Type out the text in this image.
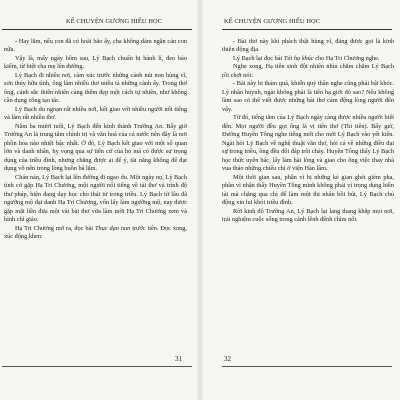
KỂ CHUYỆN GƯƠNG HIẾU HỌC

- Hay lắm, nếu con đã có hoài bão ấy, cha không dám ngăn cản con nữa.

Vậy là, mấy ngày hôm sau, Lý Bạch chuẩn bị hành lí, đeo bảo kiếm, từ biệt cha mẹ lên đường.

Lý Bạch đi nhiều nơi, cảm xúc trước những cảnh núi non hùng vĩ, sơn thủy hữu tình, ông làm nhiều thơ miêu tả những cảnh ấy. Trong thơ ông, cảnh sắc thiên nhiên càng thêm đẹp một cách tự nhiên, như không cần dụng công tạo tác.

Lý Bạch du ngoạn rất nhiều nơi, kết giao với nhiều người nổi tiếng và làm rất nhiều thơ.

Năm ba mươi tuổi, Lý Bạch đến kinh thành Trường An. Bấy giờ Trường An là trung tâm chính trị và văn hoá của cả nước nên đây là nơi phồn hoa náo nhiệt bậc nhất. Ở đó, Lý Bạch kết giao với một số quan lớn và danh nhân, hy vọng qua sự tiến cử của họ mà có được sự trọng dụng của triều đình, nhưng chẳng được ai để ý, tài năng không để đạt dụng vô nên trong lòng buồn bã lắm.

Chán nản, Lý Bạch lại lên đường đi ngao du. Một ngày nọ, Lý Bạch tình cờ gặp Hạ Tri Chương, một người nổi tiếng về tài thơ và trình độ thư pháp, hiện đang dạy học cho thái tử trong triều. Lý Bạch từ lâu đã ngưỡng mộ đại danh Hạ Tri Chương, vốn lấy làm ngưỡng mộ, nay được gặp mặt liền đưa một vài bài thơ vừa làm mời Hạ Tri Chương xem và bình chỉ giáo.

Hạ Tri Chương mở ra, đọc bài Thục đạo nan trước tiên. Đọc xong, xúc động khen:

31
KỂ CHUYỆN GƯƠNG HIẾU HỌC

- Bài thơ này khí phách thật hùng vĩ, đáng được gọi là kinh thiên động địa.

Lý Bạch lại đọc bài Tái hạ khúc cho Hạ Tri Chương nghe.

Nghe xong, Hạ tiên sinh đột nhiên nhìn chằm chằm Lý Bạch rồi chợt nói:

- Bài này bi thảm quá, khiến quỷ thần nghe cũng phải bật khóc. Lý nhân huynh, ngài không phải là tiên hạ giới đó sao? Nếu không làm sao có thể viết được những bài thơ cảm động lòng người đến vậy.

Từ đó, tiếng tăm của Lý Bạch ngày càng được nhiều người biết đến. Mọi người đều gọi ông là vị tiên thơ (Thi tiên). Bấy giờ, Đường Huyền Tông nghe tiếng mới cho mời Lý Bạch vào yết kiến. Ngài hỏi Lý Bạch về nghệ thuật văn thơ, hỏi cả về những điều đại sự trong triều, ông đều đối đáp trôi chảy. Huyền Tông thấy Lý Bạch học thức uyên bác, lấy làm hài lòng và giao cho ông việc thay nhà vua thảo những chiếu chỉ ở viện Hàn lâm.

Một thời gian sau, phần vì bị những kẻ gian ghét gièm pha, phần vì nhận thấy Huyền Tông mình không phải vì trọng dụng hiền tài mà chẳng qua chỉ để làm một thi nhân bồi bút, Lý Bạch chủ động xin lui khỏi triều đình.

Rời kinh đô Trường An, Lý Bạch lại lang thang khắp mọi nơi, trải nghiệm cuộc sống trong cảnh lênh đênh chìm nổi.

32
